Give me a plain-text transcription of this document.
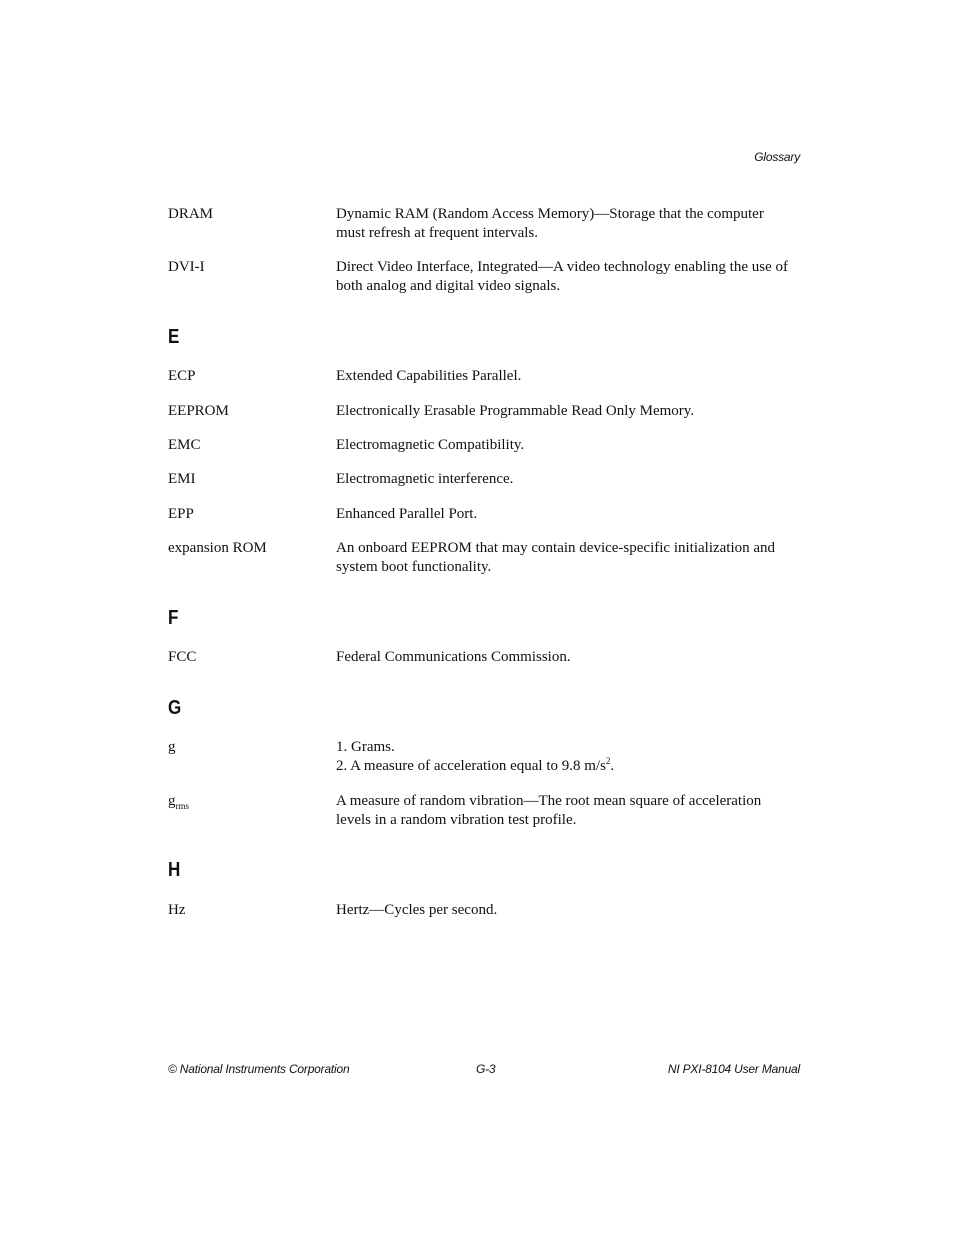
Glossary
DRAM	Dynamic RAM (Random Access Memory)—Storage that the computer
must refresh at frequent intervals.
DVI-I	Direct Video Interface, Integrated—A video technology enabling the use of
both analog and digital video signals.
E
ECP	Extended Capabilities Parallel.
EEPROM	Electronically Erasable Programmable Read Only Memory.
EMC	Electromagnetic Compatibility.
EMI	Electromagnetic interference.
EPP	Enhanced Parallel Port.
expansion ROM	An onboard EEPROM that may contain device-specific initialization and
system boot functionality.
F
FCC	Federal Communications Commission.
G
g	1. Grams.
2. A measure of acceleration equal to 9.8 $m/s^2$.
$g_{rms}$	A measure of random vibration—The root mean square of acceleration
levels in a random vibration test profile.
H
Hz	Hertz—Cycles per second.
© National Instruments Corporation	G-3	NI PXI-8104 User Manual
